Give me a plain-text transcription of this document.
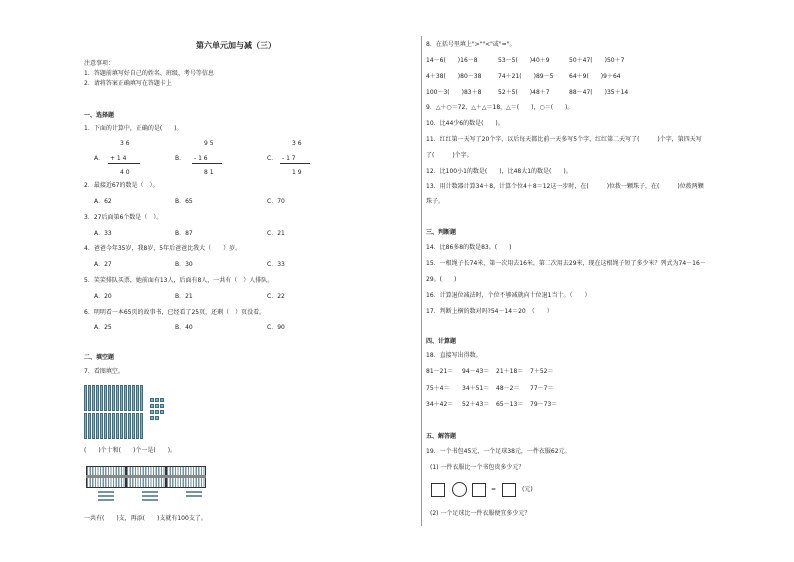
第六单元加与减（三）
注意事项：
1．答题前填写好自己的姓名、班级、考号等信息
2．请将答案正确填写在答题卡上
一、选择题
1．下面的计算中，正确的是(　　)。
3 6
A． + 1 4
4 0
9 5
B． - 1 6
8 1
3 6
C． - 1 7
1 9
2．最接近67的数是（　）。
A．62	B．65	C．70
3．27后面第6个数是（　）。
A．33	B．87	C．21
4．爸爸今年35岁，我8岁，5年后爸爸比我大（　　）岁。
A．27	B．30	C．33
5．笑笑排队买票，她前面有13人，后面有8人，一共有（　）人排队。
A．20	B．21	C．22
6．明明看一本65页的故事书，已经看了25页，还剩（　）页没看。
A．25	B．40	C．90
二、填空题
7．看图填空。
(　　)个十和(　　)个一是(　　)。
一共有(　　)支，再添(　　)支就有100支了。
8．在括号里填上">""<"或"="。
14－6(　　)16－8	53－5(　　)40＋9	50＋47(　　)50＋7
4＋38(　　)80－38	74＋21(　　)89－5	64＋9(　　)9＋64
100－3(　　)83＋8	52＋5(　　)48＋7	88－47(　　)35＋14
9．△＋○＝72，△＋△＝18，△＝(　　)，○＝(　　)。
10．比44少6的数是(　　)。
11．红红第一天写了20个字，以后每天都比前一天多写5个字，红红第二天写了(　　　)个字，第四天写
了(　　　)个字。
12．比100小1的数是(　　)，比48大1的数是(　　)。
13．用计数器计算34＋8，计算个位4＋8＝12这一步时，在(　　　)位拨一颗珠子，在(　　　)位拨两颗
珠子。
三、判断题
14．比86多8的数是83。(　　)
15．一根绳子长74米，第一次用去16米，第二次用去29米，现在这根绳子短了多少米？列式为74－16－
29。(　　)
16．计算退位减法时，个位不够减就向十位退1当十。（　　）
17．判断上横的数对吗?54－14＝20　（　　）
四、计算题
18．直接写出得数。
81－21＝ 94－43＝ 21＋18＝ 7＋52＝
75＋4＝ 34＋51＝ 48－2＝ 77－7＝
34＋42＝ 52＋43＝ 65－13＝ 79－73＝
五、解答题
19．一个书包45元，一个足球38元，一件衣服62元。
(1) 一件衣服比一个书包贵多少元？
=	(元)
(2) 一个足球比一件衣服便宜多少元？
